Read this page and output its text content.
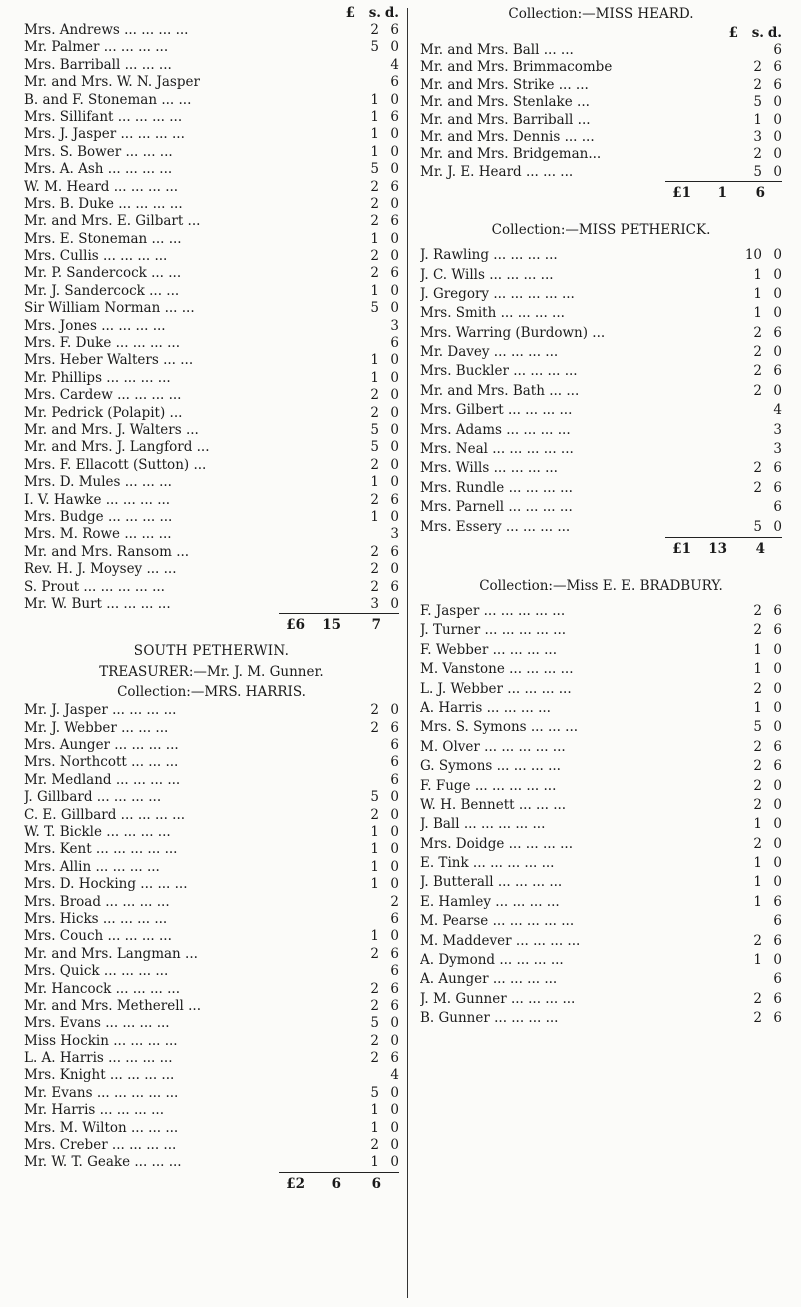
£	s. d.
Mrs. Andrews ... ... ... ...	2 6
Mr. Palmer ... ... ... ...	5 0
Mrs. Barriball ... ... ...	4
Mr. and Mrs. W. N. Jasper	6
B. and F. Stoneman ... ...	1 0
Mrs. Sillifant ... ... ... ...	1 6
Mrs. J. Jasper ... ... ... ...	1 0
Mrs. S. Bower ... ... ...	1 0
Mrs. A. Ash ... ... ... ...	5 0
W. M. Heard ... ... ... ...	2 6
Mrs. B. Duke ... ... ... ...	2 0
Mr. and Mrs. E. Gilbart ...	2 6
Mrs. E. Stoneman ... ...	1 0
Mrs. Cullis ... ... ... ...	2 0
Mr. P. Sandercock ... ...	2 6
Mr. J. Sandercock ... ...	1 0
Sir William Norman ... ...	5 0
Mrs. Jones ... ... ... ...	3
Mrs. F. Duke ... ... ... ...	6
Mrs. Heber Walters ... ...	1 0
Mr. Phillips ... ... ... ...	1 0
Mrs. Cardew ... ... ... ...	2 0
Mr. Pedrick (Polapit) ...	2 0
Mr. and Mrs. J. Walters ...	5 0
Mr. and Mrs. J. Langford ...	5 0
Mrs. F. Ellacott (Sutton) ...	2 0
Mrs. D. Mules ... ... ...	1 0
I. V. Hawke ... ... ... ...	2 6
Mrs. Budge ... ... ... ...	1 0
Mrs. M. Rowe ... ... ...	3
Mr. and Mrs. Ransom ...	2 6
Rev. H. J. Moysey ... ...	2 0
S. Prout ... ... ... ... ...	2 6
Mr. W. Burt ... ... ... ...	3 0
£6	15	7
SOUTH PETHERWIN.
TREASURER:—Mr. J. M. Gunner.
Collection:—MRS. HARRIS.
Mr. J. Jasper ... ... ... ...	2 0
Mr. J. Webber ... ... ...	2 6
Mrs. Aunger ... ... ... ...	6
Mrs. Northcott ... ... ...	6
Mr. Medland ... ... ... ...	6
J. Gillbard ... ... ... ...	5 0
C. E. Gillbard ... ... ... ...	2 0
W. T. Bickle ... ... ... ...	1 0
Mrs. Kent ... ... ... ... ...	1 0
Mrs. Allin ... ... ... ...	1 0
Mrs. D. Hocking ... ... ...	1 0
Mrs. Broad ... ... ... ...	2
Mrs. Hicks ... ... ... ...	6
Mrs. Couch ... ... ... ...	1 0
Mr. and Mrs. Langman ...	2 6
Mrs. Quick ... ... ... ...	6
Mr. Hancock ... ... ... ...	2 6
Mr. and Mrs. Metherell ...	2 6
Mrs. Evans ... ... ... ...	5 0
Miss Hockin ... ... ... ...	2 0
L. A. Harris ... ... ... ...	2 6
Mrs. Knight ... ... ... ...	4
Mr. Evans ... ... ... ... ...	5 0
Mr. Harris ... ... ... ...	1 0
Mrs. M. Wilton ... ... ...	1 0
Mrs. Creber ... ... ... ...	2 0
Mr. W. T. Geake ... ... ...	1 0
£2	6	6
Collection:—MISS HEARD.
£	s. d.
Mr. and Mrs. Ball ... ...	6
Mr. and Mrs. Brimmacombe	2 6
Mr. and Mrs. Strike ... ...	2 6
Mr. and Mrs. Stenlake ...	5 0
Mr. and Mrs. Barriball ...	1 0
Mr. and Mrs. Dennis ... ...	3 0
Mr. and Mrs. Bridgeman...	2 0
Mr. J. E. Heard ... ... ...	5 0
£1	1	6
Collection:—MISS PETHERICK.
J. Rawling ... ... ... ...	10 0
J. C. Wills ... ... ... ...	1 0
J. Gregory ... ... ... ... ...	1 0
Mrs. Smith ... ... ... ...	1 0
Mrs. Warring (Burdown) ...	2 6
Mr. Davey ... ... ... ...	2 0
Mrs. Buckler ... ... ... ...	2 6
Mr. and Mrs. Bath ... ...	2 0
Mrs. Gilbert ... ... ... ...	4
Mrs. Adams ... ... ... ...	3
Mrs. Neal ... ... ... ... ...	3
Mrs. Wills ... ... ... ...	2 6
Mrs. Rundle ... ... ... ...	2 6
Mrs. Parnell ... ... ... ...	6
Mrs. Essery ... ... ... ...	5 0
£1	13	4
Collection:—Miss E. E. BRADBURY.
F. Jasper ... ... ... ... ...	2 6
J. Turner ... ... ... ... ...	2 6
F. Webber ... ... ... ...	1 0
M. Vanstone ... ... ... ...	1 0
L. J. Webber ... ... ... ...	2 0
A. Harris ... ... ... ...	1 0
Mrs. S. Symons ... ... ...	5 0
M. Olver ... ... ... ... ...	2 6
G. Symons ... ... ... ...	2 6
F. Fuge ... ... ... ... ...	2 0
W. H. Bennett ... ... ...	2 0
J. Ball ... ... ... ... ...	1 0
Mrs. Doidge ... ... ... ...	2 0
E. Tink ... ... ... ... ...	1 0
J. Butterall ... ... ... ...	1 0
E. Hamley ... ... ... ...	1 6
M. Pearse ... ... ... ... ...	6
M. Maddever ... ... ... ...	2 6
A. Dymond ... ... ... ...	1 0
A. Aunger ... ... ... ...	6
J. M. Gunner ... ... ... ...	2 6
B. Gunner ... ... ... ...	2 6
